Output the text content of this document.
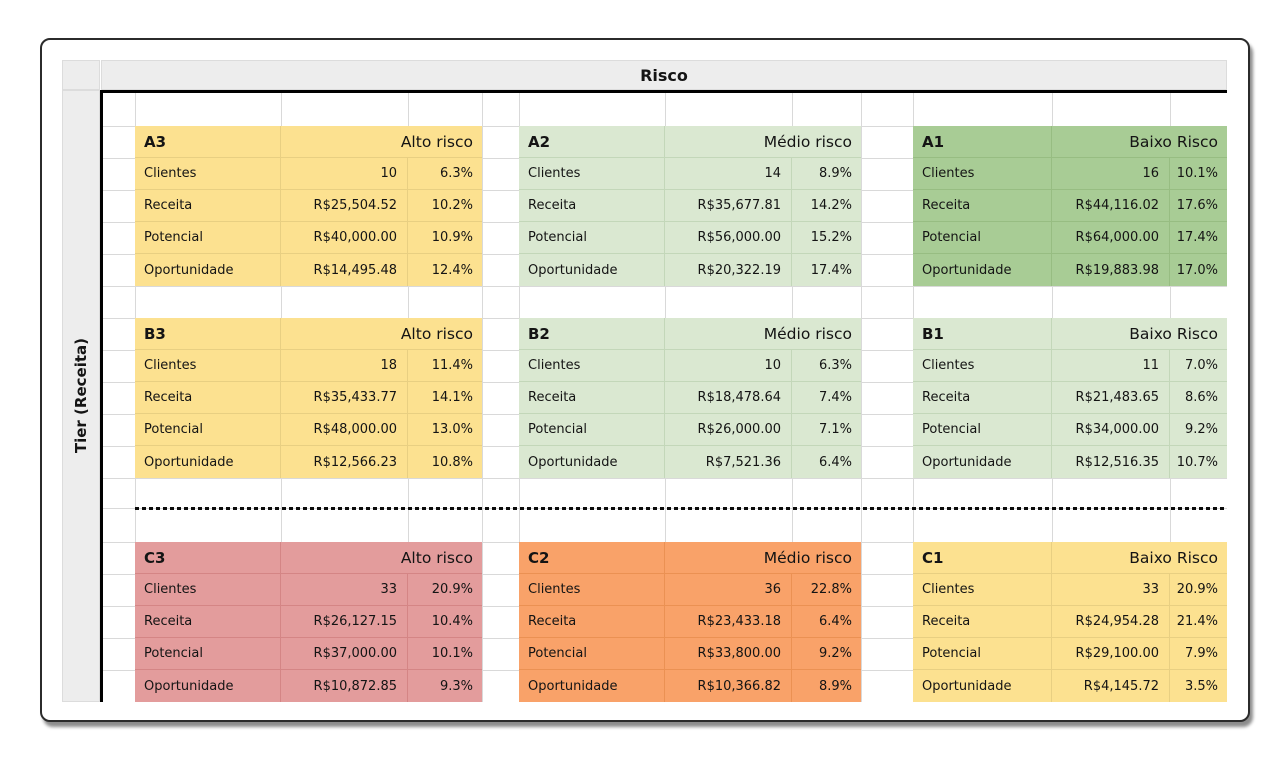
Risco
Tier (Receita)
A3	Alto risco
Clientes	10	6.3%
Receita	R$25,504.52	10.2%
Potencial	R$40,000.00	10.9%
Oportunidade	R$14,495.48	12.4%
A2	Médio risco
Clientes	14	8.9%
Receita	R$35,677.81	14.2%
Potencial	R$56,000.00	15.2%
Oportunidade	R$20,322.19	17.4%
A1	Baixo Risco
Clientes	16	10.1%
Receita	R$44,116.02	17.6%
Potencial	R$64,000.00	17.4%
Oportunidade	R$19,883.98	17.0%
B3	Alto risco
Clientes	18	11.4%
Receita	R$35,433.77	14.1%
Potencial	R$48,000.00	13.0%
Oportunidade	R$12,566.23	10.8%
B2	Médio risco
Clientes	10	6.3%
Receita	R$18,478.64	7.4%
Potencial	R$26,000.00	7.1%
Oportunidade	R$7,521.36	6.4%
B1	Baixo Risco
Clientes	11	7.0%
Receita	R$21,483.65	8.6%
Potencial	R$34,000.00	9.2%
Oportunidade	R$12,516.35	10.7%
C3	Alto risco
Clientes	33	20.9%
Receita	R$26,127.15	10.4%
Potencial	R$37,000.00	10.1%
Oportunidade	R$10,872.85	9.3%
C2	Médio risco
Clientes	36	22.8%
Receita	R$23,433.18	6.4%
Potencial	R$33,800.00	9.2%
Oportunidade	R$10,366.82	8.9%
C1	Baixo Risco
Clientes	33	20.9%
Receita	R$24,954.28	21.4%
Potencial	R$29,100.00	7.9%
Oportunidade	R$4,145.72	3.5%
